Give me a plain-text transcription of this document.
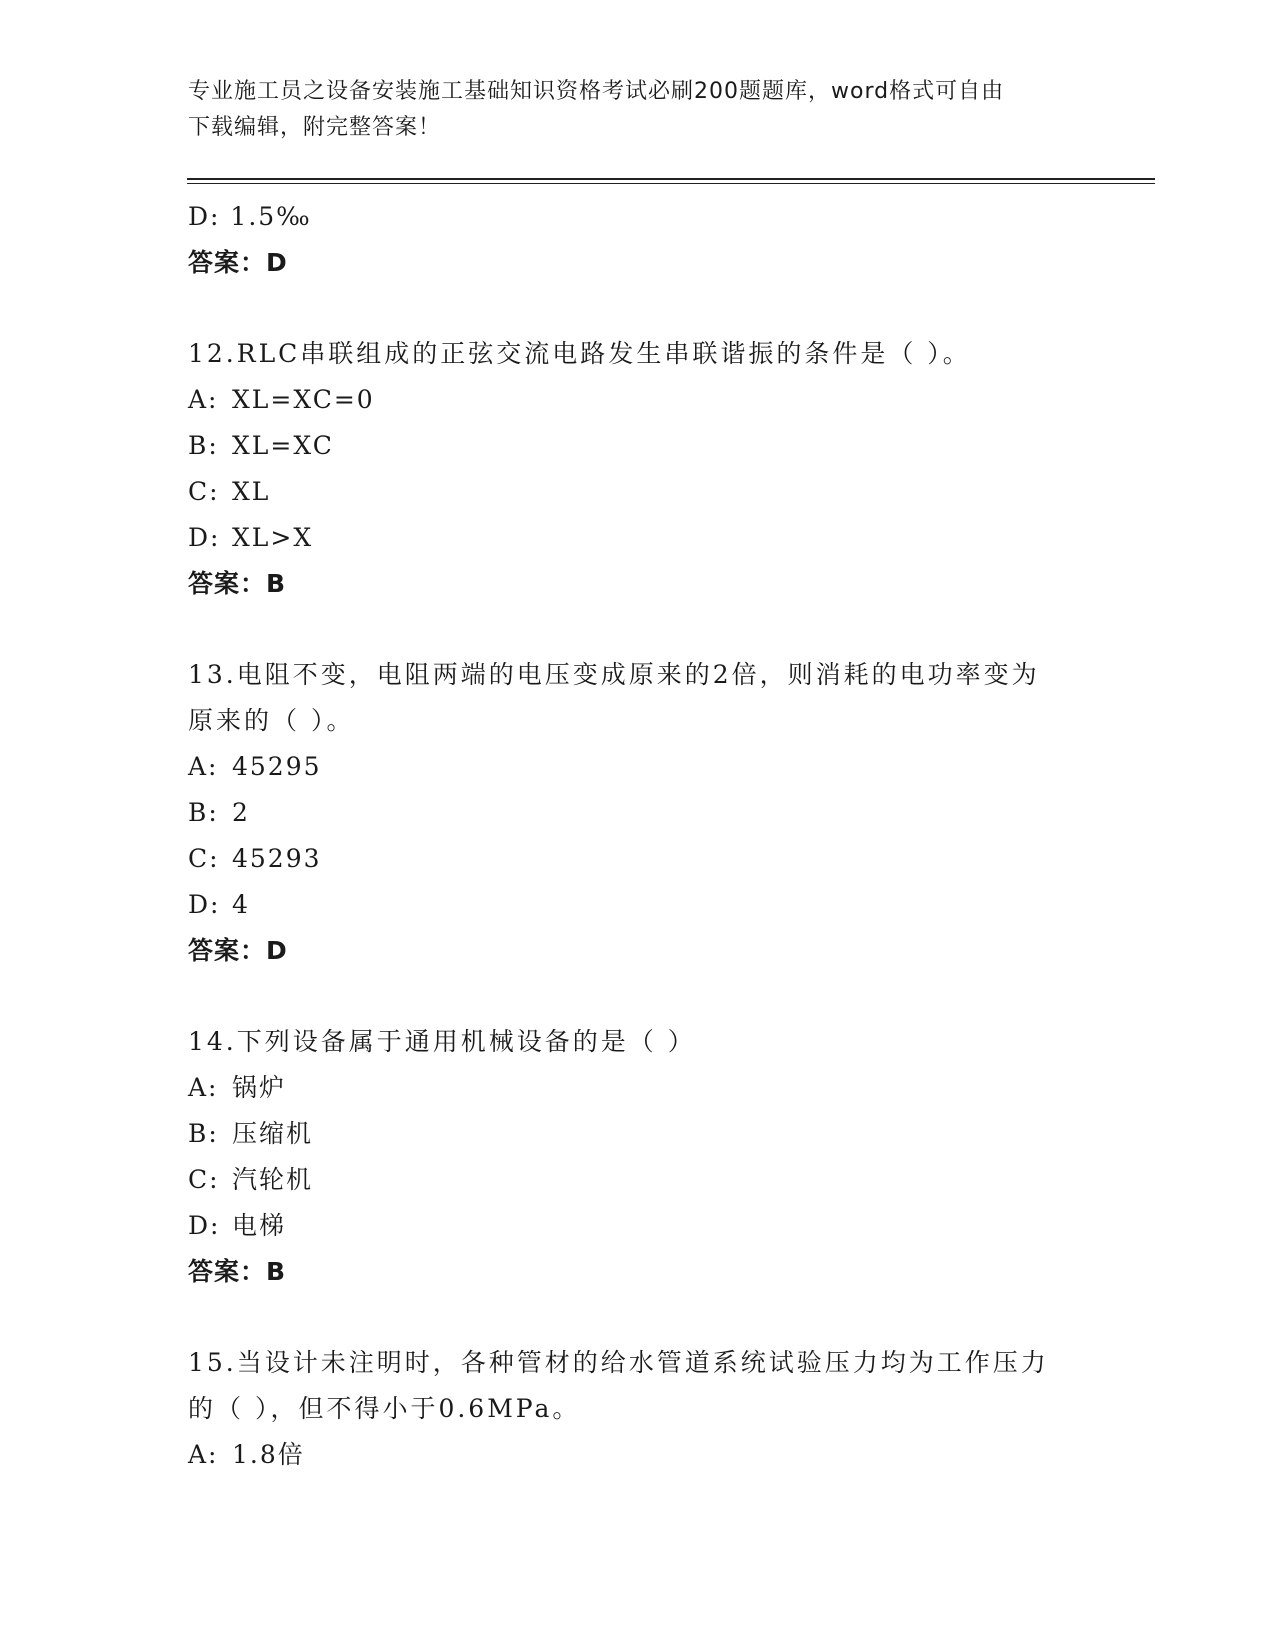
专业施工员之设备安装施工基础知识资格考试必刷200题题库，word格式可自由
下载编辑，附完整答案！
D: 1.5‰
答案：D
12.RLC串联组成的正弦交流电路发生串联谐振的条件是（ ）。
A: XL=XC=0
B: XL=XC
C: XL
D: XL>X
答案：B
13.电阻不变，电阻两端的电压变成原来的2倍，则消耗的电功率变为
原来的（ ）。
A: 45295
B: 2
C: 45293
D: 4
答案：D
14.下列设备属于通用机械设备的是（ ）
A: 锅炉
B: 压缩机
C: 汽轮机
D: 电梯
答案：B
15.当设计未注明时，各种管材的给水管道系统试验压力均为工作压力
的（ ），但不得小于0.6MPa。
A: 1.8倍
